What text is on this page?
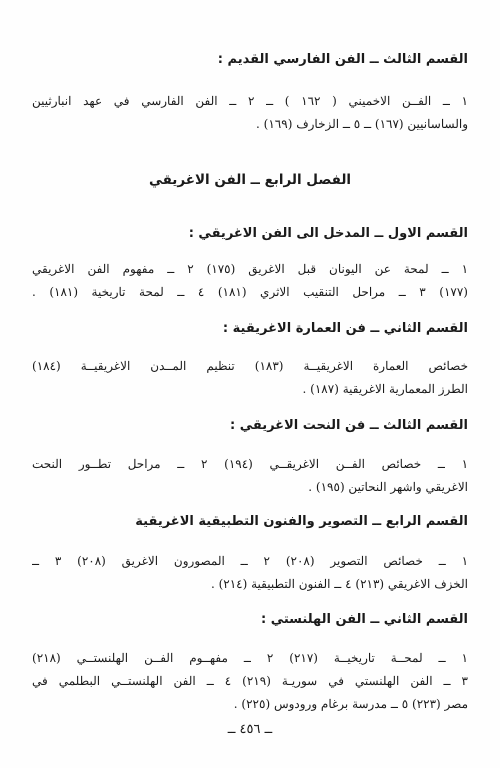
القسم الثالث ــ الفن الفارسي القديم :
١ ــ الفــن الاخميني ( ١٦٢ ) ــ ٢ ــ الفن الفارسي في عهد انبارثيين
والساسانيين (١٦٧) ــ ٥ ــ الزخارف (١٦٩) .
الفصل الرابع ــ الفن الاغريقي
القسم الاول ــ المدخل الى الفن الاغريقي :
١ ــ لمحة عن اليونان قبل الاغريق (١٧٥) ٢ ــ مفهوم الفن الاغريقي
(١٧٧) ٣ ــ مراحل التنقيب الاثري (١٨١) ٤ ــ لمحة تاريخية (١٨١) .
القسم الثاني ــ فن العمارة الاغريقية :
خصائص العمارة الاغريقيــة (١٨٣) تنظيم المــدن الاغريقيــة (١٨٤)
الطرز المعمارية الاغريقية (١٨٧) .
القسم الثالث ــ فن النحت الاغريقي :
١ ــ خصائص الفــن الاغريقــي (١٩٤) ٢ ــ مراحل تطــور النحت
الاغريقي واشهر النحاتين (١٩٥) .
القسم الرابع ــ التصوير والفنون التطبيقية الاغريقية
١ ــ خصائص التصوير (٢٠٨) ٢ ــ المصورون الاغريق (٢٠٨) ٣ ــ
الخزف الاغريقي (٢١٣) ٤ ــ الفنون التطبيقية (٢١٤) .
القسم الثاني ــ الفن الهلنستي :
١ ــ لمحــة تاريخيــة (٢١٧) ٢ ــ مفهــوم الفــن الهلنستــي (٢١٨)
٣ ــ الفن الهلنستي في سوريـة (٢١٩) ٤ ــ الفن الهلنستــي البطلمي في
مصر (٢٢٣) ٥ ــ مدرسة برغام ورودوس (٢٢٥) .
ــ ٤٥٦ ــ
